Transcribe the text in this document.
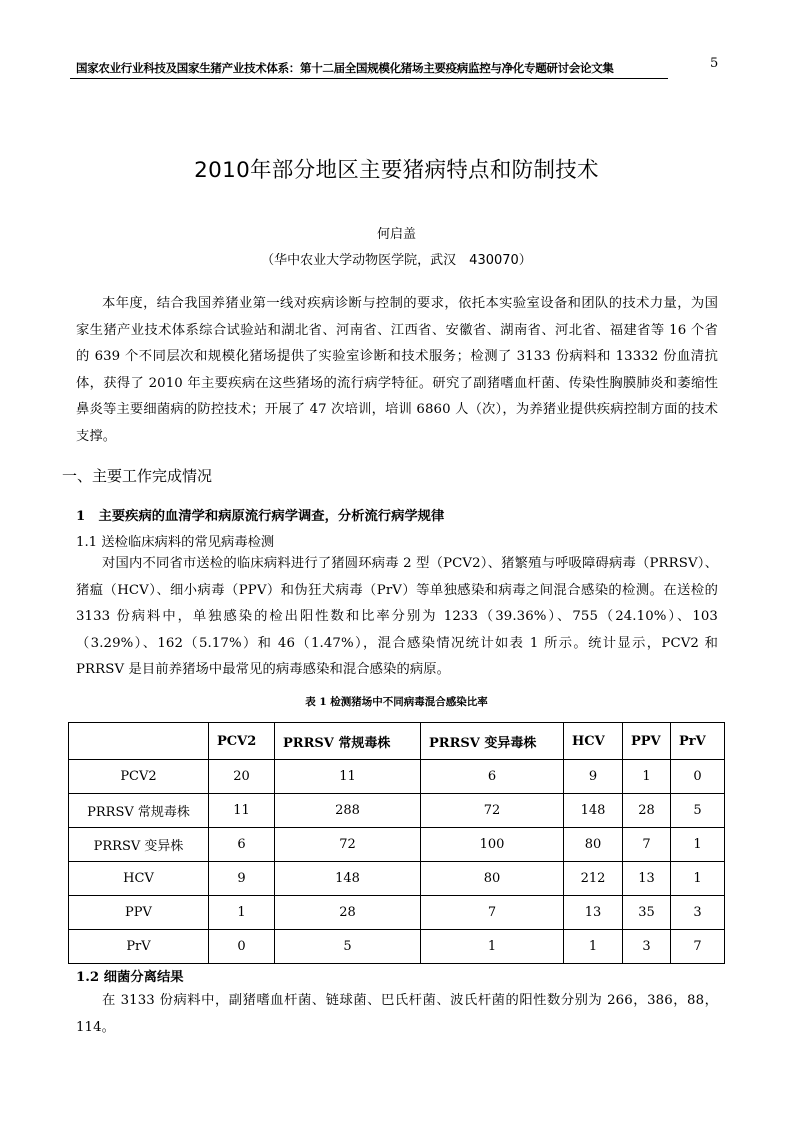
国家农业行业科技及国家生猪产业技术体系：第十二届全国规模化猪场主要疫病监控与净化专题研讨会论文集	5
2010年部分地区主要猪病特点和防制技术
何启盖
（华中农业大学动物医学院，武汉　430070）
本年度，结合我国养猪业第一线对疾病诊断与控制的要求，依托本实验室设备和团队的技术力量，为国家生猪产业技术体系综合试验站和湖北省、河南省、江西省、安徽省、湖南省、河北省、福建省等 16 个省的 639 个不同层次和规模化猪场提供了实验室诊断和技术服务；检测了 3133 份病料和 13332 份血清抗体，获得了 2010 年主要疾病在这些猪场的流行病学特征。研究了副猪嗜血杆菌、传染性胸膜肺炎和萎缩性鼻炎等主要细菌病的防控技术；开展了 47 次培训，培训 6860 人（次），为养猪业提供疾病控制方面的技术支撑。
一、主要工作完成情况
1　主要疾病的血清学和病原流行病学调查，分析流行病学规律
1.1 送检临床病料的常见病毒检测
对国内不同省市送检的临床病料进行了猪圆环病毒 2 型（PCV2）、猪繁殖与呼吸障碍病毒（PRRSV）、猪瘟（HCV）、细小病毒（PPV）和伪狂犬病毒（PrV）等单独感染和病毒之间混合感染的检测。在送检的 3133 份病料中，单独感染的检出阳性数和比率分别为 1233（39.36%）、755（24.10%）、103（3.29%）、162（5.17%）和 46（1.47%），混合感染情况统计如表 1 所示。统计显示，PCV2 和 PRRSV 是目前养猪场中最常见的病毒感染和混合感染的病原。
表 1 检测猪场中不同病毒混合感染比率
	PCV2	PRRSV 常规毒株	PRRSV 变异毒株	HCV	PPV	PrV
PCV2	20	11	6	9	1	0
PRRSV 常规毒株	11	288	72	148	28	5
PRRSV 变异株	6	72	100	80	7	1
HCV	9	148	80	212	13	1
PPV	1	28	7	13	35	3
PrV	0	5	1	1	3	7
1.2 细菌分离结果
在 3133 份病料中，副猪嗜血杆菌、链球菌、巴氏杆菌、波氏杆菌的阳性数分别为 266，386，88，114。
